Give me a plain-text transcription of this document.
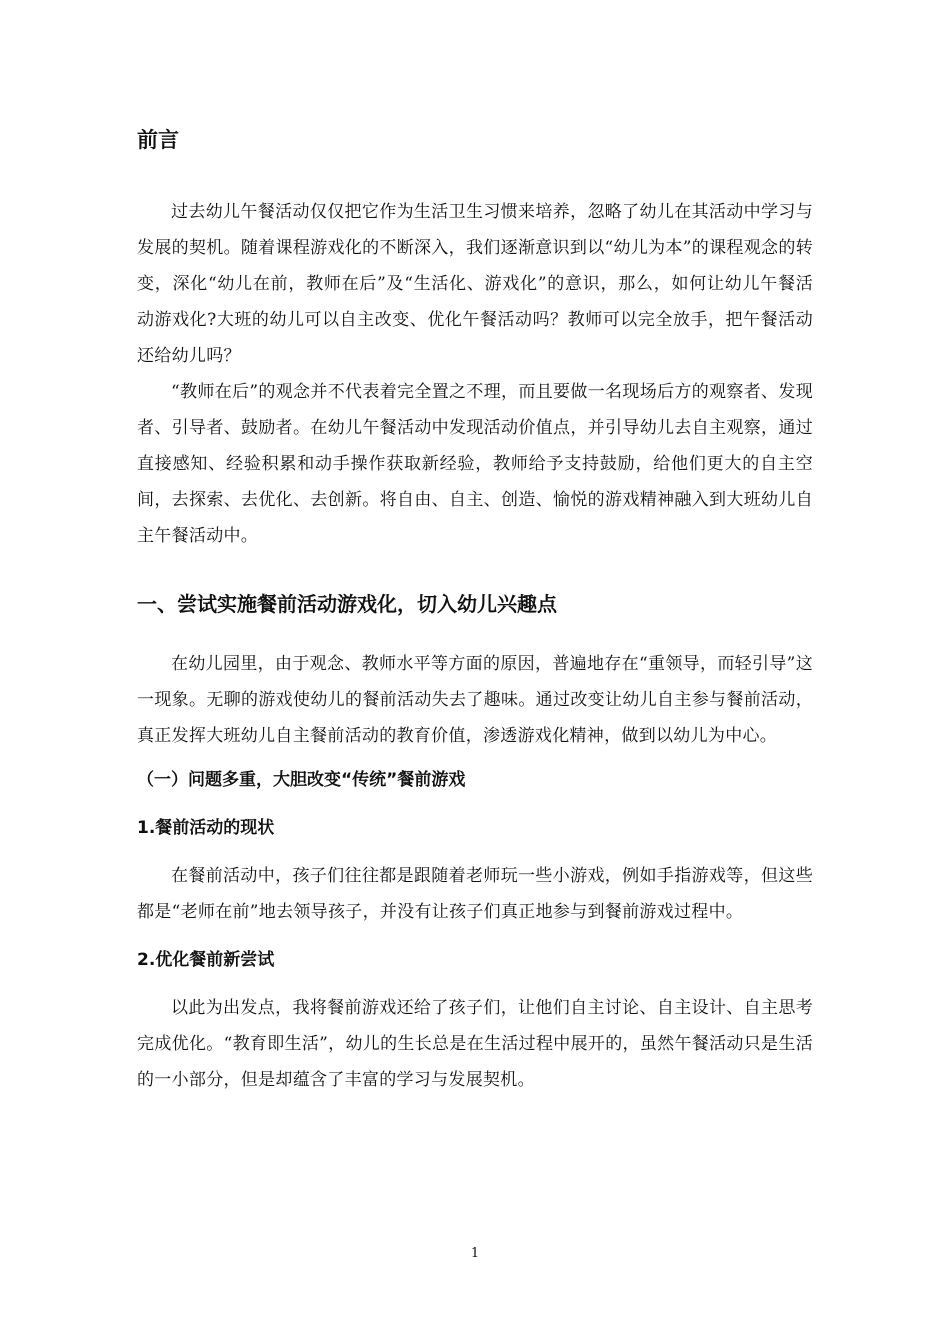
前言

过去幼儿午餐活动仅仅把它作为生活卫生习惯来培养，忽略了幼儿在其活动中学习与发展的契机。随着课程游戏化的不断深入，我们逐渐意识到以“幼儿为本”的课程观念的转变，深化“幼儿在前，教师在后”及“生活化、游戏化”的意识，那么，如何让幼儿午餐活动游戏化?大班的幼儿可以自主改变、优化午餐活动吗？教师可以完全放手，把午餐活动还给幼儿吗？

“教师在后”的观念并不代表着完全置之不理，而且要做一名现场后方的观察者、发现者、引导者、鼓励者。在幼儿午餐活动中发现活动价值点，并引导幼儿去自主观察，通过直接感知、经验积累和动手操作获取新经验，教师给予支持鼓励，给他们更大的自主空间，去探索、去优化、去创新。将自由、自主、创造、愉悦的游戏精神融入到大班幼儿自主午餐活动中。

一、尝试实施餐前活动游戏化，切入幼儿兴趣点

在幼儿园里，由于观念、教师水平等方面的原因，普遍地存在“重领导，而轻引导”这一现象。无聊的游戏使幼儿的餐前活动失去了趣味。通过改变让幼儿自主参与餐前活动，真正发挥大班幼儿自主餐前活动的教育价值，渗透游戏化精神，做到以幼儿为中心。

（一）问题多重，大胆改变“传统”餐前游戏
1.餐前活动的现状

在餐前活动中，孩子们往往都是跟随着老师玩一些小游戏，例如手指游戏等，但这些都是“老师在前”地去领导孩子，并没有让孩子们真正地参与到餐前游戏过程中。

2.优化餐前新尝试

以此为出发点，我将餐前游戏还给了孩子们，让他们自主讨论、自主设计、自主思考完成优化。“教育即生活”，幼儿的生长总是在生活过程中展开的，虽然午餐活动只是生活的一小部分，但是却蕴含了丰富的学习与发展契机。

1
